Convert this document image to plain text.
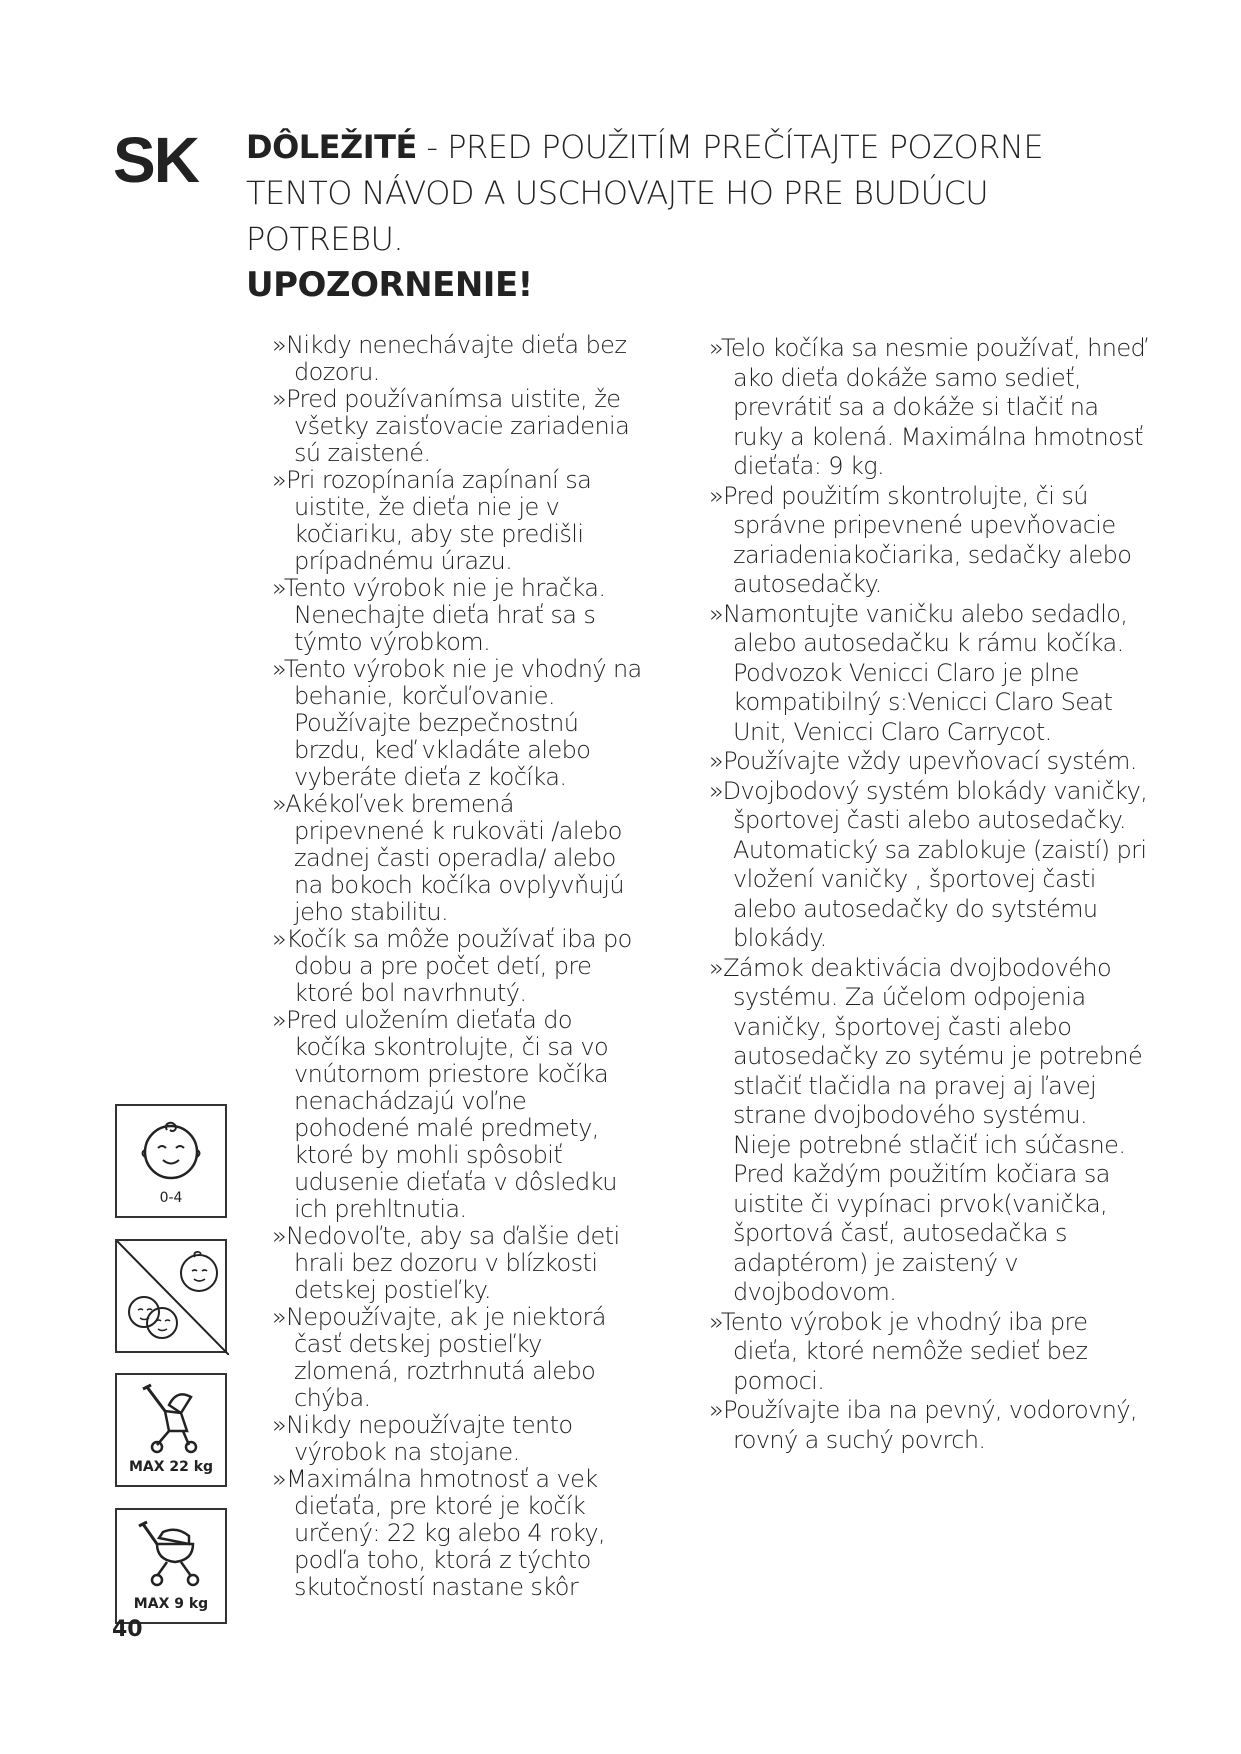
SK DÔLEŽITÉ - PRED POUŽITÍM PREČÍTAJTE POZORNE TENTO NÁVOD A USCHOVAJTE HO PRE BUDÚCU POTREBU.
UPOZORNENIE!
»Nikdy nenechávajte dieťa bez dozoru.
»Pred používanímsa uistite, že všetky zaisťovacie zariadenia sú zaistené.
»Pri rozopínanía zapínaní sa uistite, že dieťa nie je v kočiariku, aby ste predišli prípadnému úrazu.
»Tento výrobok nie je hračka. Nenechajte dieťa hrať sa s týmto výrobkom.
»Tento výrobok nie je vhodný na behanie, korčuľovanie. Používajte bezpečnostnú brzdu, keď vkladáte alebo vyberáte dieťa z kočíka.
»Akékoľvek bremená pripevnené k rukoväti /alebo zadnej časti operadla/ alebo na bokoch kočíka ovplyvňujú jeho stabilitu.
»Kočík sa môže používať iba po dobu a pre počet detí, pre ktoré bol navrhnutý.
»Pred uložením dieťaťa do kočíka skontrolujte, či sa vo vnútornom priestore kočíka nenachádzajú voľne pohodené malé predmety, ktoré by mohli spôsobiť udusenie dieťaťa v dôsledku ich prehltnutia.
»Nedovoľte, aby sa ďalšie deti hrali bez dozoru v blízkosti detskej postieľky.
»Nepoužívajte, ak je niektorá časť detskej postieľky zlomená, roztrhnutá alebo chýba.
»Nikdy nepoužívajte tento výrobok na stojane.
»Maximálna hmotnosť a vek dieťaťa, pre ktoré je kočík určený: 22 kg alebo 4 roky, podľa toho, ktorá z týchto skutočností nastane skôr
»Telo kočíka sa nesmie používať, hneď ako dieťa dokáže samo sedieť, prevrátiť sa a dokáže si tlačiť na ruky a kolená. Maximálna hmotnosť dieťaťa: 9 kg.
»Pred použitím skontrolujte, či sú správne pripevnené upevňovacie zariadeniakočiarika, sedačky alebo autosedačky.
»Namontujte vaničku alebo sedadlo, alebo autosedačku k rámu kočíka. Podvozok Venicci Claro je plne kompatibilný s:Venicci Claro Seat Unit, Venicci Claro Carrycot.
»Používajte vždy upevňovací systém.
»Dvojbodový systém blokády vaničky, športovej časti alebo autosedačky. Automatický sa zablokuje (zaistí) pri vložení vaničky , športovej časti alebo autosedačky do sytstému blokády.
»Zámok deaktivácia dvojbodového systému. Za účelom odpojenia vaničky, športovej časti alebo autosedačky zo sytému je potrebné stlačiť tlačidla na pravej aj ľavej strane dvojbodového systému. Nieje potrebné stlačiť ich súčasne. Pred každým použitím kočiara sa uistite či vypínaci prvok(vanička, športová časť, autosedačka s adaptérom) je zaistený v dvojbodovom.
»Tento výrobok je vhodný iba pre dieťa, ktoré nemôže sedieť bez pomoci.
»Používajte iba na pevný, vodorovný, rovný a suchý povrch.
0-4
MAX 22 kg
MAX 9 kg
40
